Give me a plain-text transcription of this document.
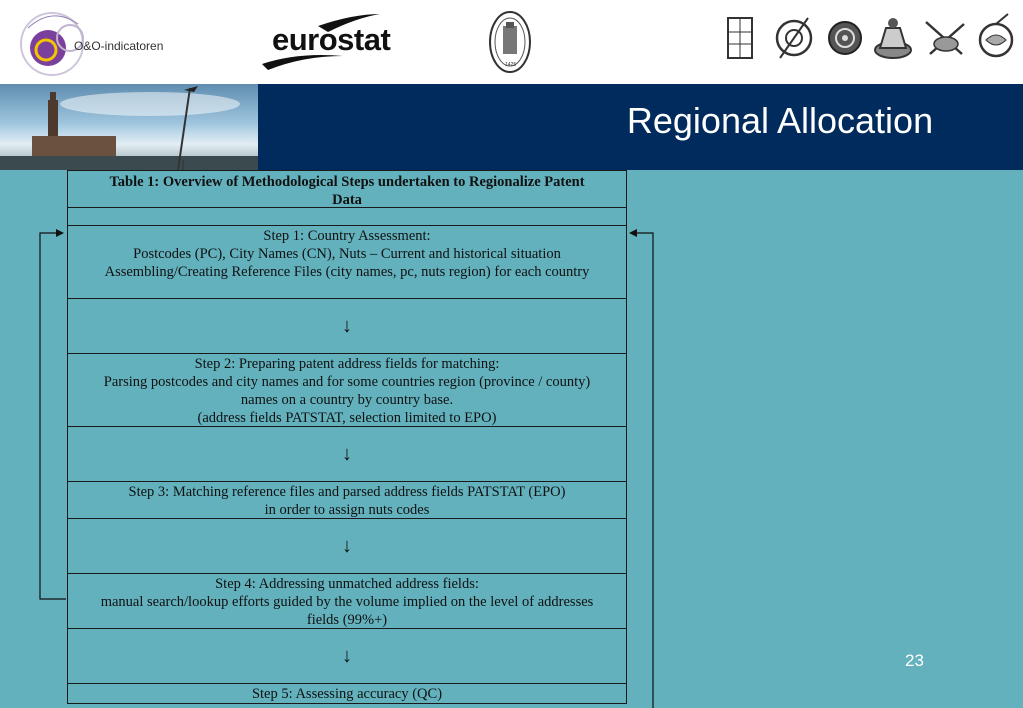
O&O-indicatoren	eurostat
1425
Regional Allocation
Table 1: Overview of Methodological Steps undertaken to Regionalize Patent
Data
Step 1: Country Assessment:
Postcodes (PC), City Names (CN), Nuts – Current and historical situation
Assembling/Creating Reference Files (city names, pc, nuts region) for each country
↓
Step 2: Preparing patent address fields for matching:
Parsing postcodes and city names and for some countries region (province / county)
names on a country by country base.
(address fields PATSTAT, selection limited to EPO)
↓
Step 3: Matching reference files and parsed address fields PATSTAT (EPO)
in order to assign nuts codes
↓
Step 4: Addressing unmatched address fields:
manual search/lookup efforts guided by the volume implied on the level of addresses
fields (99%+)
↓
Step 5: Assessing accuracy (QC)
23
